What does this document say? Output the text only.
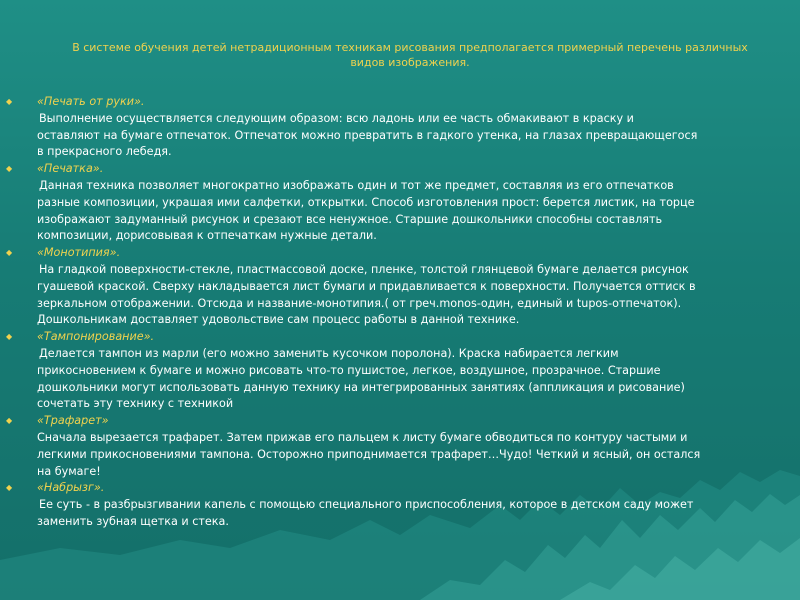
В системе обучения детей нетрадиционным техникам рисования предполагается примерный перечень различных
видов изображения.
◆ «Печать от руки».
Выполнение осуществляется следующим образом: всю ладонь или ее часть обмакивают в краску и
оставляют на бумаге отпечаток. Отпечаток можно превратить в гадкого утенка, на глазах превращающегося
в прекрасного лебедя.
◆ «Печатка».
Данная техника позволяет многократно изображать один и тот же предмет, составляя из его отпечатков
разные композиции, украшая ими салфетки, открытки. Способ изготовления прост: берется листик, на торце
изображают задуманный рисунок и срезают все ненужное. Старшие дошкольники способны составлять
композиции, дорисовывая к отпечаткам нужные детали.
◆ «Монотипия».
На гладкой поверхности-стекле, пластмассовой доске, пленке, толстой глянцевой бумаге делается рисунок
гуашевой краской. Сверху накладывается лист бумаги и придавливается к поверхности. Получается оттиск в
зеркальном отображении. Отсюда и название-монотипия.( от греч.monos-один, единый и tupos-отпечаток).
Дошкольникам доставляет удовольствие сам процесс работы в данной технике.
◆ «Тампонирование».
Делается тампон из марли (его можно заменить кусочком поролона). Краска набирается легким
прикосновением к бумаге и можно рисовать что-то пушистое, легкое, воздушное, прозрачное. Старшие
дошкольники могут использовать данную технику на интегрированных занятиях (аппликация и рисование)
сочетать эту технику с техникой
◆ «Трафарет»
Сначала вырезается трафарет. Затем прижав его пальцем к листу бумаге обводиться по контуру частыми и
легкими прикосновениями тампона. Осторожно приподнимается трафарет…Чудо! Четкий и ясный, он остался
на бумаге!
◆ «Набрызг».
Ее суть - в разбрызгивании капель с помощью специального приспособления, которое в детском саду может
заменить зубная щетка и стека.
